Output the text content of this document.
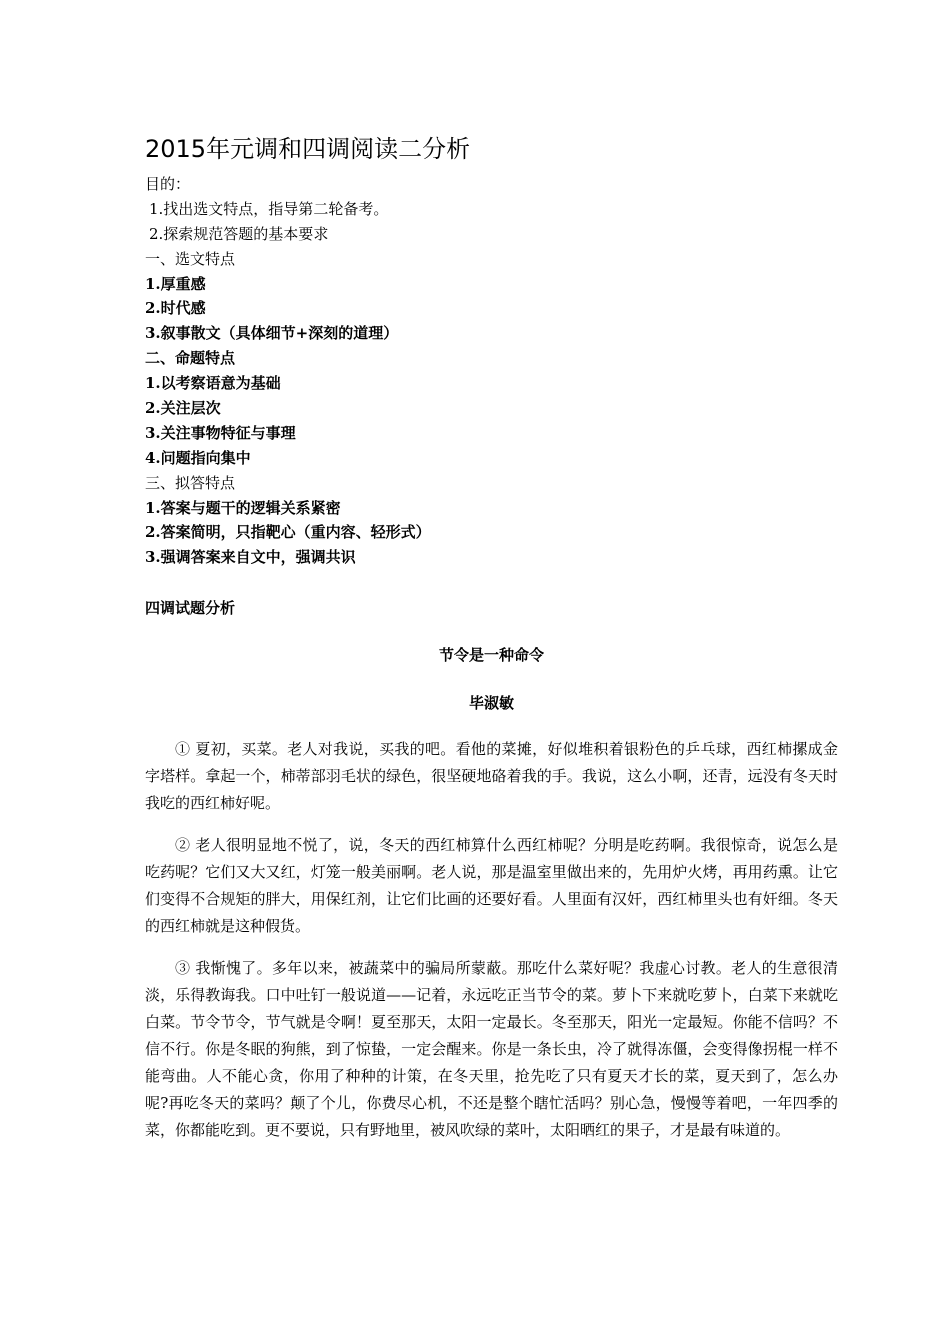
2015年元调和四调阅读二分析
目的：
1.找出选文特点，指导第二轮备考。
2.探索规范答题的基本要求
一、选文特点
1.厚重感
2.时代感
3.叙事散文（具体细节+深刻的道理）
二、命题特点
1.以考察语意为基础
2.关注层次
3.关注事物特征与事理
4.问题指向集中
三、拟答特点
1.答案与题干的逻辑关系紧密
2.答案简明，只指靶心（重内容、轻形式）
3.强调答案来自文中，强调共识
四调试题分析
节令是一种命令
毕淑敏
① 夏初，买菜。老人对我说，买我的吧。看他的菜摊，好似堆积着银粉色的乒乓球，西红柿摞成金字塔样。拿起一个，柿蒂部羽毛状的绿色，很坚硬地硌着我的手。我说，这么小啊，还青，远没有冬天时我吃的西红柿好呢。
② 老人很明显地不悦了，说，冬天的西红柿算什么西红柿呢？分明是吃药啊。我很惊奇，说怎么是吃药呢？它们又大又红，灯笼一般美丽啊。老人说，那是温室里做出来的，先用炉火烤，再用药熏。让它们变得不合规矩的胖大，用保红剂，让它们比画的还要好看。人里面有汉奸，西红柿里头也有奸细。冬天的西红柿就是这种假货。
③ 我惭愧了。多年以来，被蔬菜中的骗局所蒙蔽。那吃什么菜好呢？我虚心讨教。老人的生意很清淡，乐得教诲我。口中吐钉一般说道——记着，永远吃正当节令的菜。萝卜下来就吃萝卜，白菜下来就吃白菜。节令节令，节气就是令啊！夏至那天，太阳一定最长。冬至那天，阳光一定最短。你能不信吗？不信不行。你是冬眠的狗熊，到了惊蛰，一定会醒来。你是一条长虫，冷了就得冻僵，会变得像拐棍一样不能弯曲。人不能心贪，你用了种种的计策，在冬天里，抢先吃了只有夏天才长的菜，夏天到了，怎么办呢?再吃冬天的菜吗？颠了个儿，你费尽心机，不还是整个瞎忙活吗？别心急，慢慢等着吧，一年四季的菜，你都能吃到。更不要说，只有野地里，被风吹绿的菜叶，太阳晒红的果子，才是最有味道的。
